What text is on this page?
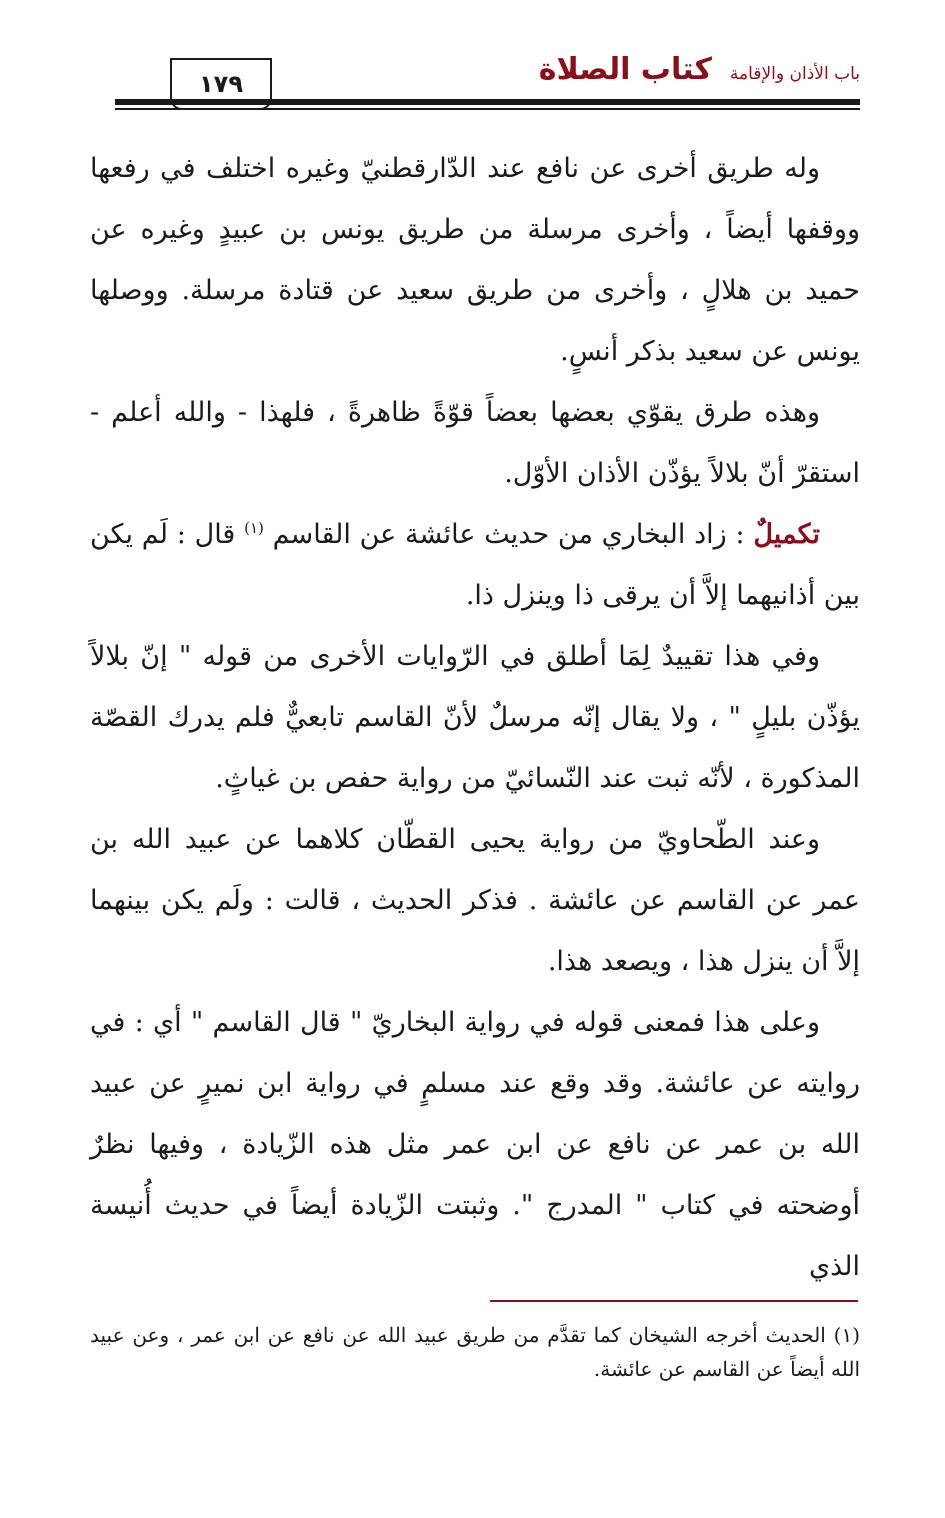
١٧٩	كتاب الصلاة باب الأذان والإقامة

وله طريق أخرى عن نافع عند الدّارقطنيّ وغيره اختلف في رفعها ووقفها أيضاً ، وأخرى مرسلة من طريق يونس بن عبيدٍ وغيره عن حميد بن هلالٍ ، وأخرى من طريق سعيد عن قتادة مرسلة. ووصلها يونس عن سعيد بذكر أنسٍ.

وهذه طرق يقوّي بعضها بعضاً قوّةً ظاهرةً ، فلهذا - والله أعلم - استقرّ أنّ بلالاً يؤذّن الأذان الأوّل.

تكميلٌ : زاد البخاري من حديث عائشة عن القاسم $^{(١)}$ قال : لَم يكن بين أذانيهما إلاَّ أن يرقى ذا وينزل ذا.

وفي هذا تقييدٌ لِمَا أطلق في الرّوايات الأخرى من قوله " إنّ بلالاً يؤذّن بليلٍ " ، ولا يقال إنّه مرسلٌ لأنّ القاسم تابعيٌّ فلم يدرك القصّة المذكورة ، لأنّه ثبت عند النّسائيّ من رواية حفص بن غياثٍ.

وعند الطّحاويّ من رواية يحيى القطّان كلاهما عن عبيد الله بن عمر عن القاسم عن عائشة . فذكر الحديث ، قالت : ولَم يكن بينهما إلاَّ أن ينزل هذا ، ويصعد هذا.

وعلى هذا فمعنى قوله في رواية البخاريّ " قال القاسم " أي : في روايته عن عائشة. وقد وقع عند مسلمٍ في رواية ابن نميرٍ عن عبيد الله بن عمر عن نافع عن ابن عمر مثل هذه الزّيادة ، وفيها نظرٌ أوضحته في كتاب " المدرج ". وثبتت الزّيادة أيضاً في حديث أُنيسة الذي

(١) الحديث أخرجه الشيخان كما تقدَّم من طريق عبيد الله عن نافع عن ابن عمر ، وعن عبيد الله أيضاً عن القاسم عن عائشة.
